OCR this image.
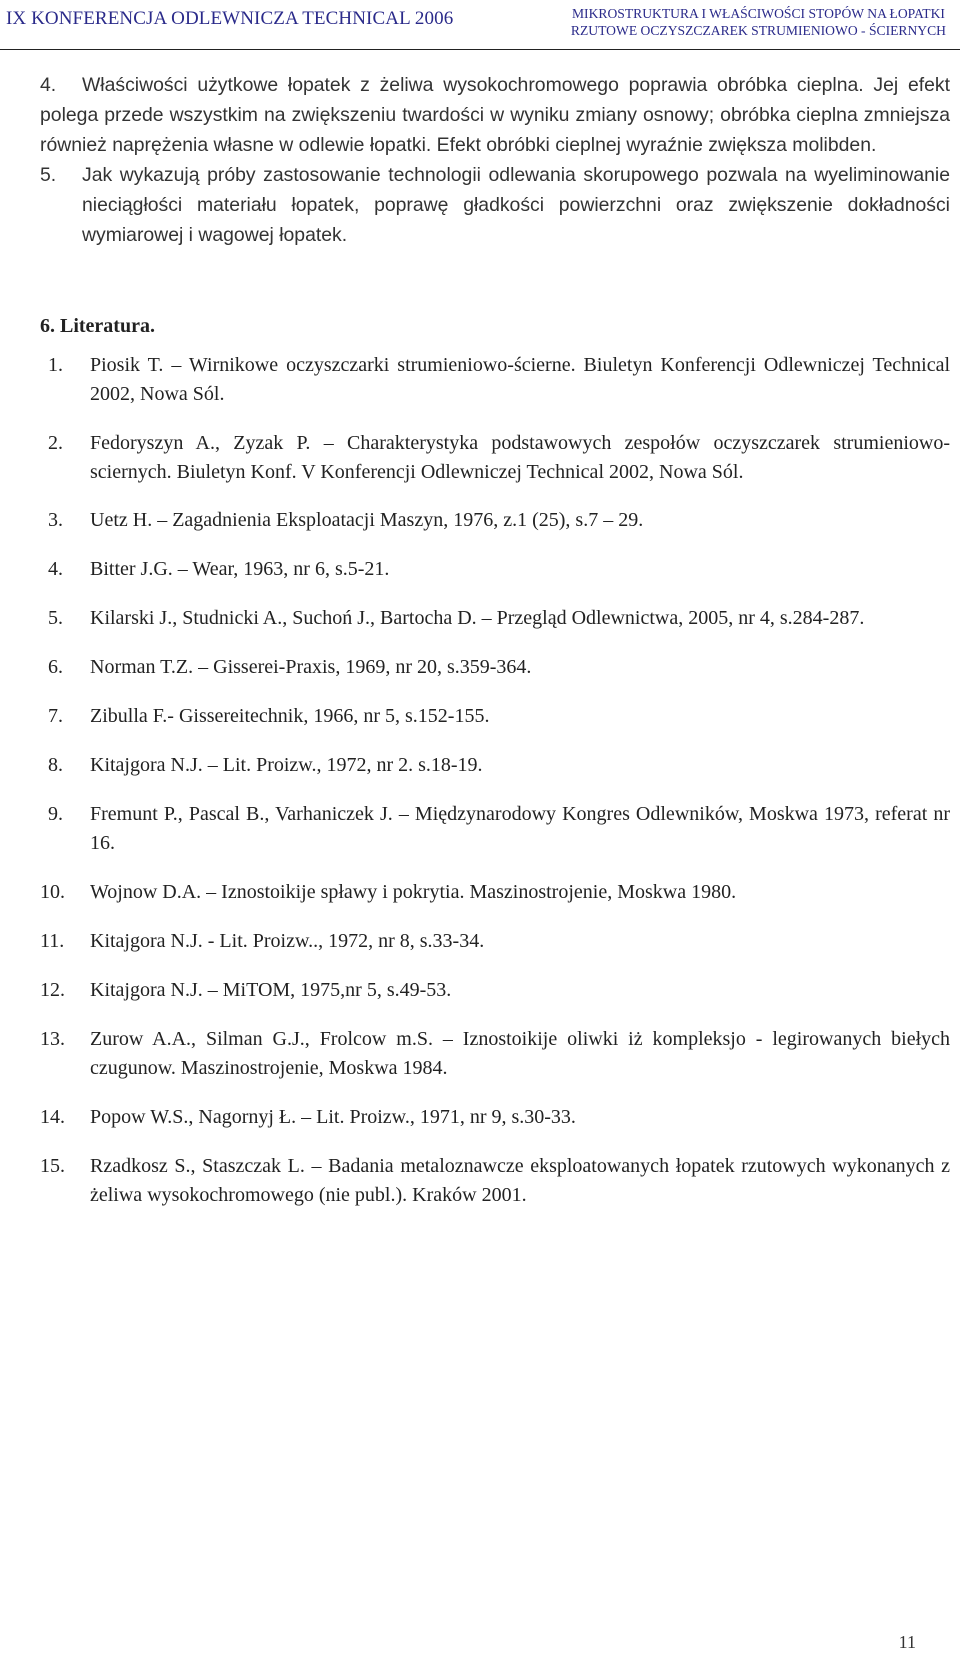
IX KONFERENCJA ODLEWNICZA TECHNICAL 2006	MIKROSTRUKTURA I WŁAŚCIWOŚCI STOPÓW NA ŁOPATKI
RZUTOWE OCZYSZCZAREK STRUMIENIOWO - ŚCIERNYCH
4. Właściwości użytkowe łopatek z żeliwa wysokochromowego poprawia obróbka cieplna. Jej efekt polega przede wszystkim na zwiększeniu twardości w wyniku zmiany osnowy; obróbka cieplna zmniejsza również naprężenia własne w odlewie łopatki. Efekt obróbki cieplnej wyraźnie zwiększa molibden.
5. Jak wykazują próby zastosowanie technologii odlewania skorupowego pozwala na wyeliminowanie nieciągłości materiału łopatek, poprawę gładkości powierzchni oraz zwiększenie dokładności wymiarowej i wagowej łopatek.
6. Literatura.
1. Piosik T. – Wirnikowe oczyszczarki strumieniowo-ścierne. Biuletyn Konferencji Odlewniczej Technical 2002, Nowa Sól.
2. Fedoryszyn A., Zyzak P. – Charakterystyka podstawowych zespołów oczyszczarek strumieniowo-sciernych. Biuletyn Konf. V Konferencji Odlewniczej Technical 2002, Nowa Sól.
3. Uetz H. – Zagadnienia Eksploatacji Maszyn, 1976, z.1 (25), s.7 – 29.
4. Bitter J.G. – Wear, 1963, nr 6, s.5-21.
5. Kilarski J., Studnicki A., Suchoń J., Bartocha D. – Przegląd Odlewnictwa, 2005, nr 4, s.284-287.
6. Norman T.Z. – Gisserei-Praxis, 1969, nr 20, s.359-364.
7. Zibulla F.- Gissereitechnik, 1966, nr 5, s.152-155.
8. Kitajgora N.J. – Lit. Proizw., 1972, nr 2. s.18-19.
9. Fremunt P., Pascal B., Varhaniczek J. – Międzynarodowy Kongres Odlewników, Moskwa 1973, referat nr 16.
10. Wojnow D.A. – Iznostoikije spławy i pokrytia. Maszinostrojenie, Moskwa 1980.
11. Kitajgora N.J. - Lit. Proizw.., 1972, nr 8, s.33-34.
12. Kitajgora N.J. – MiTOM, 1975,nr 5, s.49-53.
13. Zurow A.A., Silman G.J., Frolcow m.S. – Iznostoikije oliwki iż kompleksjo - legirowanych biełych czugunow. Maszinostrojenie, Moskwa 1984.
14. Popow W.S., Nagornyj Ł. – Lit. Proizw., 1971, nr 9, s.30-33.
15. Rzadkosz S., Staszczak L. – Badania metaloznawcze eksploatowanych łopatek rzutowych wykonanych z żeliwa wysokochromowego (nie publ.). Kraków 2001.
11
